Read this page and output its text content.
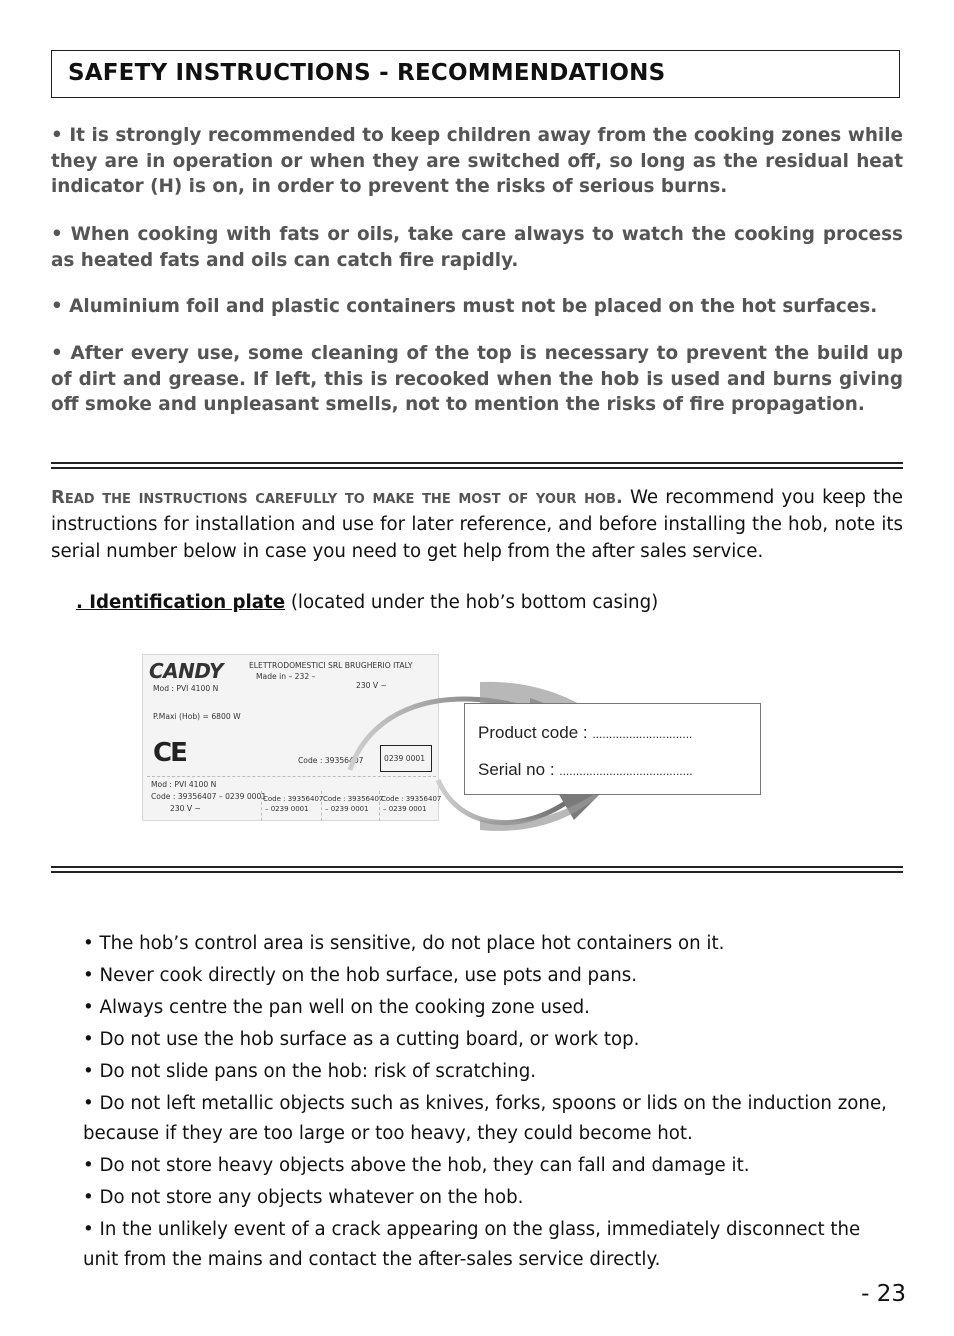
SAFETY INSTRUCTIONS - RECOMMENDATIONS

• It is strongly recommended to keep children away from the cooking zones while they are in operation or when they are switched off, so long as the residual heat indicator (H) is on, in order to prevent the risks of serious burns.

• When cooking with fats or oils, take care always to watch the cooking process as heated fats and oils can catch fire rapidly.

• Aluminium foil and plastic containers must not be placed on the hot surfaces.

• After every use, some cleaning of the top is necessary to prevent the build up of dirt and grease. If left, this is recooked when the hob is used and burns giving off smoke and unpleasant smells, not to mention the risks of fire propagation.

Read the instructions carefully to make the most of your hob. We recommend you keep the instructions for installation and use for later reference, and before installing the hob, note its serial number below in case you need to get help from the after sales service.

. Identification plate (located under the hob’s bottom casing)

CANDY	ELETTRODOMESTICI SRL BRUGHERIO ITALY
Made in – 232 –
Mod : PVI 4100 N	230 V ∼
P.Maxi (Hob) = 6800 W
CE	Code : 39356407	0239 0001
Mod : PVI 4100 N
Code : 39356407 – 0239 0001
230 V ~
Code : 39356407
– 0239 0001
Code : 39356407
– 0239 0001
Code : 39356407
– 0239 0001
Product code : ..............................
Serial no : ........................................
• The hob’s control area is sensitive, do not place hot containers on it.
• Never cook directly on the hob surface, use pots and pans.
• Always centre the pan well on the cooking zone used.
• Do not use the hob surface as a cutting board, or work top.
• Do not slide pans on the hob: risk of scratching.
• Do not left metallic objects such as knives, forks, spoons or lids on the induction zone, because if they are too large or too heavy, they could become hot.
• Do not store heavy objects above the hob, they can fall and damage it.
• Do not store any objects whatever on the hob.
• In the unlikely event of a crack appearing on the glass, immediately disconnect the unit from the mains and contact the after-sales service directly.
- 23
